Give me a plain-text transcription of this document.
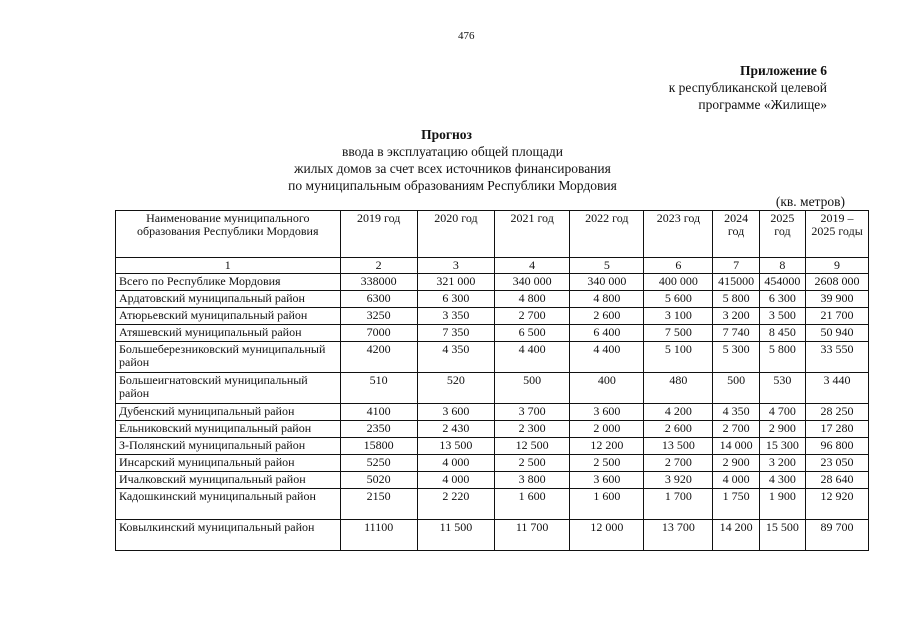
476
Приложение 6
к республиканской целевой
программе «Жилище»
Прогноз
ввода в эксплуатацию общей площади
жилых домов за счет всех источников финансирования
по муниципальным образованиям Республики Мордовия
(кв. метров)
Наименование муниципального образования Республики Мордовия	2019 год	2020 год	2021 год	2022 год	2023 год	2024 год	2025 год	2019 – 2025 годы
1	2	3	4	5	6	7	8	9
Всего по Республике Мордовия	338000	321 000	340 000	340 000	400 000	415000	454000	2608 000
Ардатовский муниципальный район	6300	6 300	4 800	4 800	5 600	5 800	6 300	39 900
Атюрьевский муниципальный район	3250	3 350	2 700	2 600	3 100	3 200	3 500	21 700
Атяшевский муниципальный район	7000	7 350	6 500	6 400	7 500	7 740	8 450	50 940
Большеберезниковский муниципальный район	4200	4 350	4 400	4 400	5 100	5 300	5 800	33 550
Большеигнатовский муниципальный район	510	520	500	400	480	500	530	3 440
Дубенский муниципальный район	4100	3 600	3 700	3 600	4 200	4 350	4 700	28 250
Ельниковский муниципальный район	2350	2 430	2 300	2 000	2 600	2 700	2 900	17 280
З-Полянский муниципальный район	15800	13 500	12 500	12 200	13 500	14 000	15 300	96 800
Инсарский муниципальный район	5250	4 000	2 500	2 500	2 700	2 900	3 200	23 050
Ичалковский муниципальный район	5020	4 000	3 800	3 600	3 920	4 000	4 300	28 640
Кадошкинский муниципальный район	2150	2 220	1 600	1 600	1 700	1 750	1 900	12 920
Ковылкинский муниципальный район	11100	11 500	11 700	12 000	13 700	14 200	15 500	89 700
